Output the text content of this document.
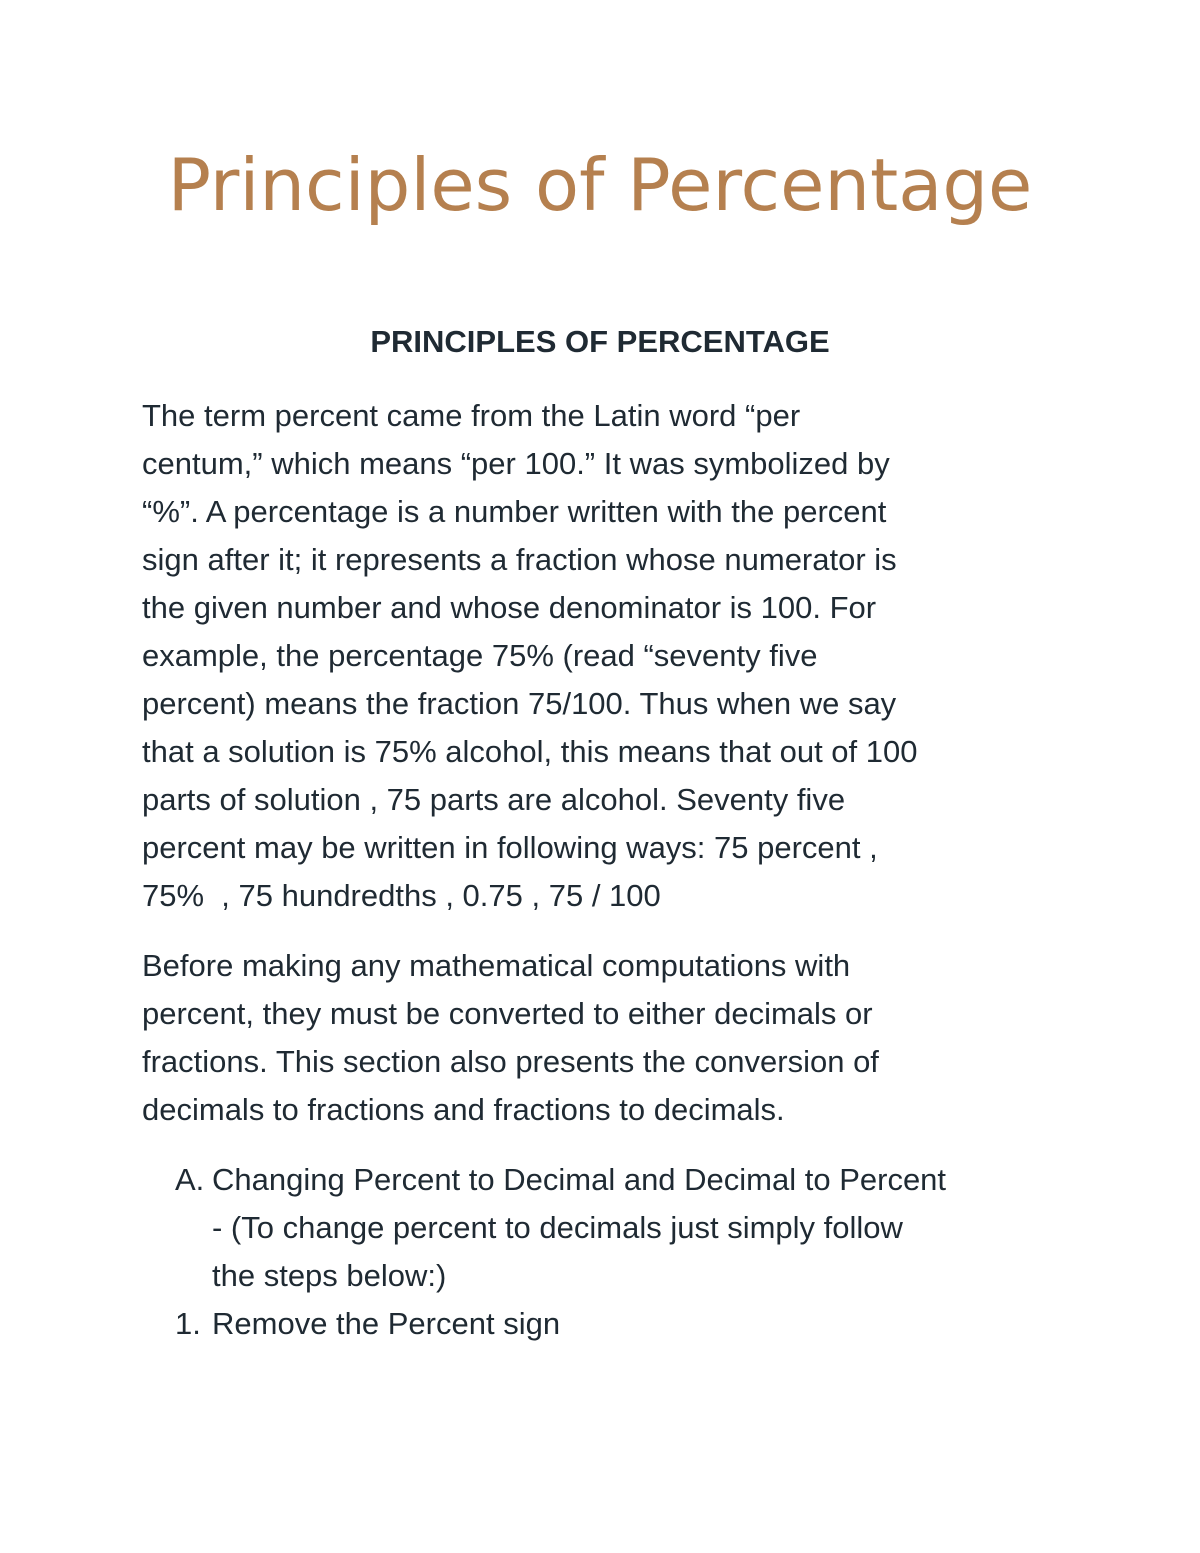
Principles of Percentage
PRINCIPLES OF PERCENTAGE

The term percent came from the Latin word “per
centum,” which means “per 100.” It was symbolized by
“%”. A percentage is a number written with the percent
sign after it; it represents a fraction whose numerator is
the given number and whose denominator is 100. For
example, the percentage 75% (read “seventy five
percent) means the fraction 75/100. Thus when we say
that a solution is 75% alcohol, this means that out of 100
parts of solution , 75 parts are alcohol. Seventy five
percent may be written in following ways: 75 percent ,
75%  , 75 hundredths , 0.75 , 75 / 100

Before making any mathematical computations with
percent, they must be converted to either decimals or
fractions. This section also presents the conversion of
decimals to fractions and fractions to decimals.

A. Changing Percent to Decimal and Decimal to Percent
- (To change percent to decimals just simply follow
the steps below:)
1. Remove the Percent sign
